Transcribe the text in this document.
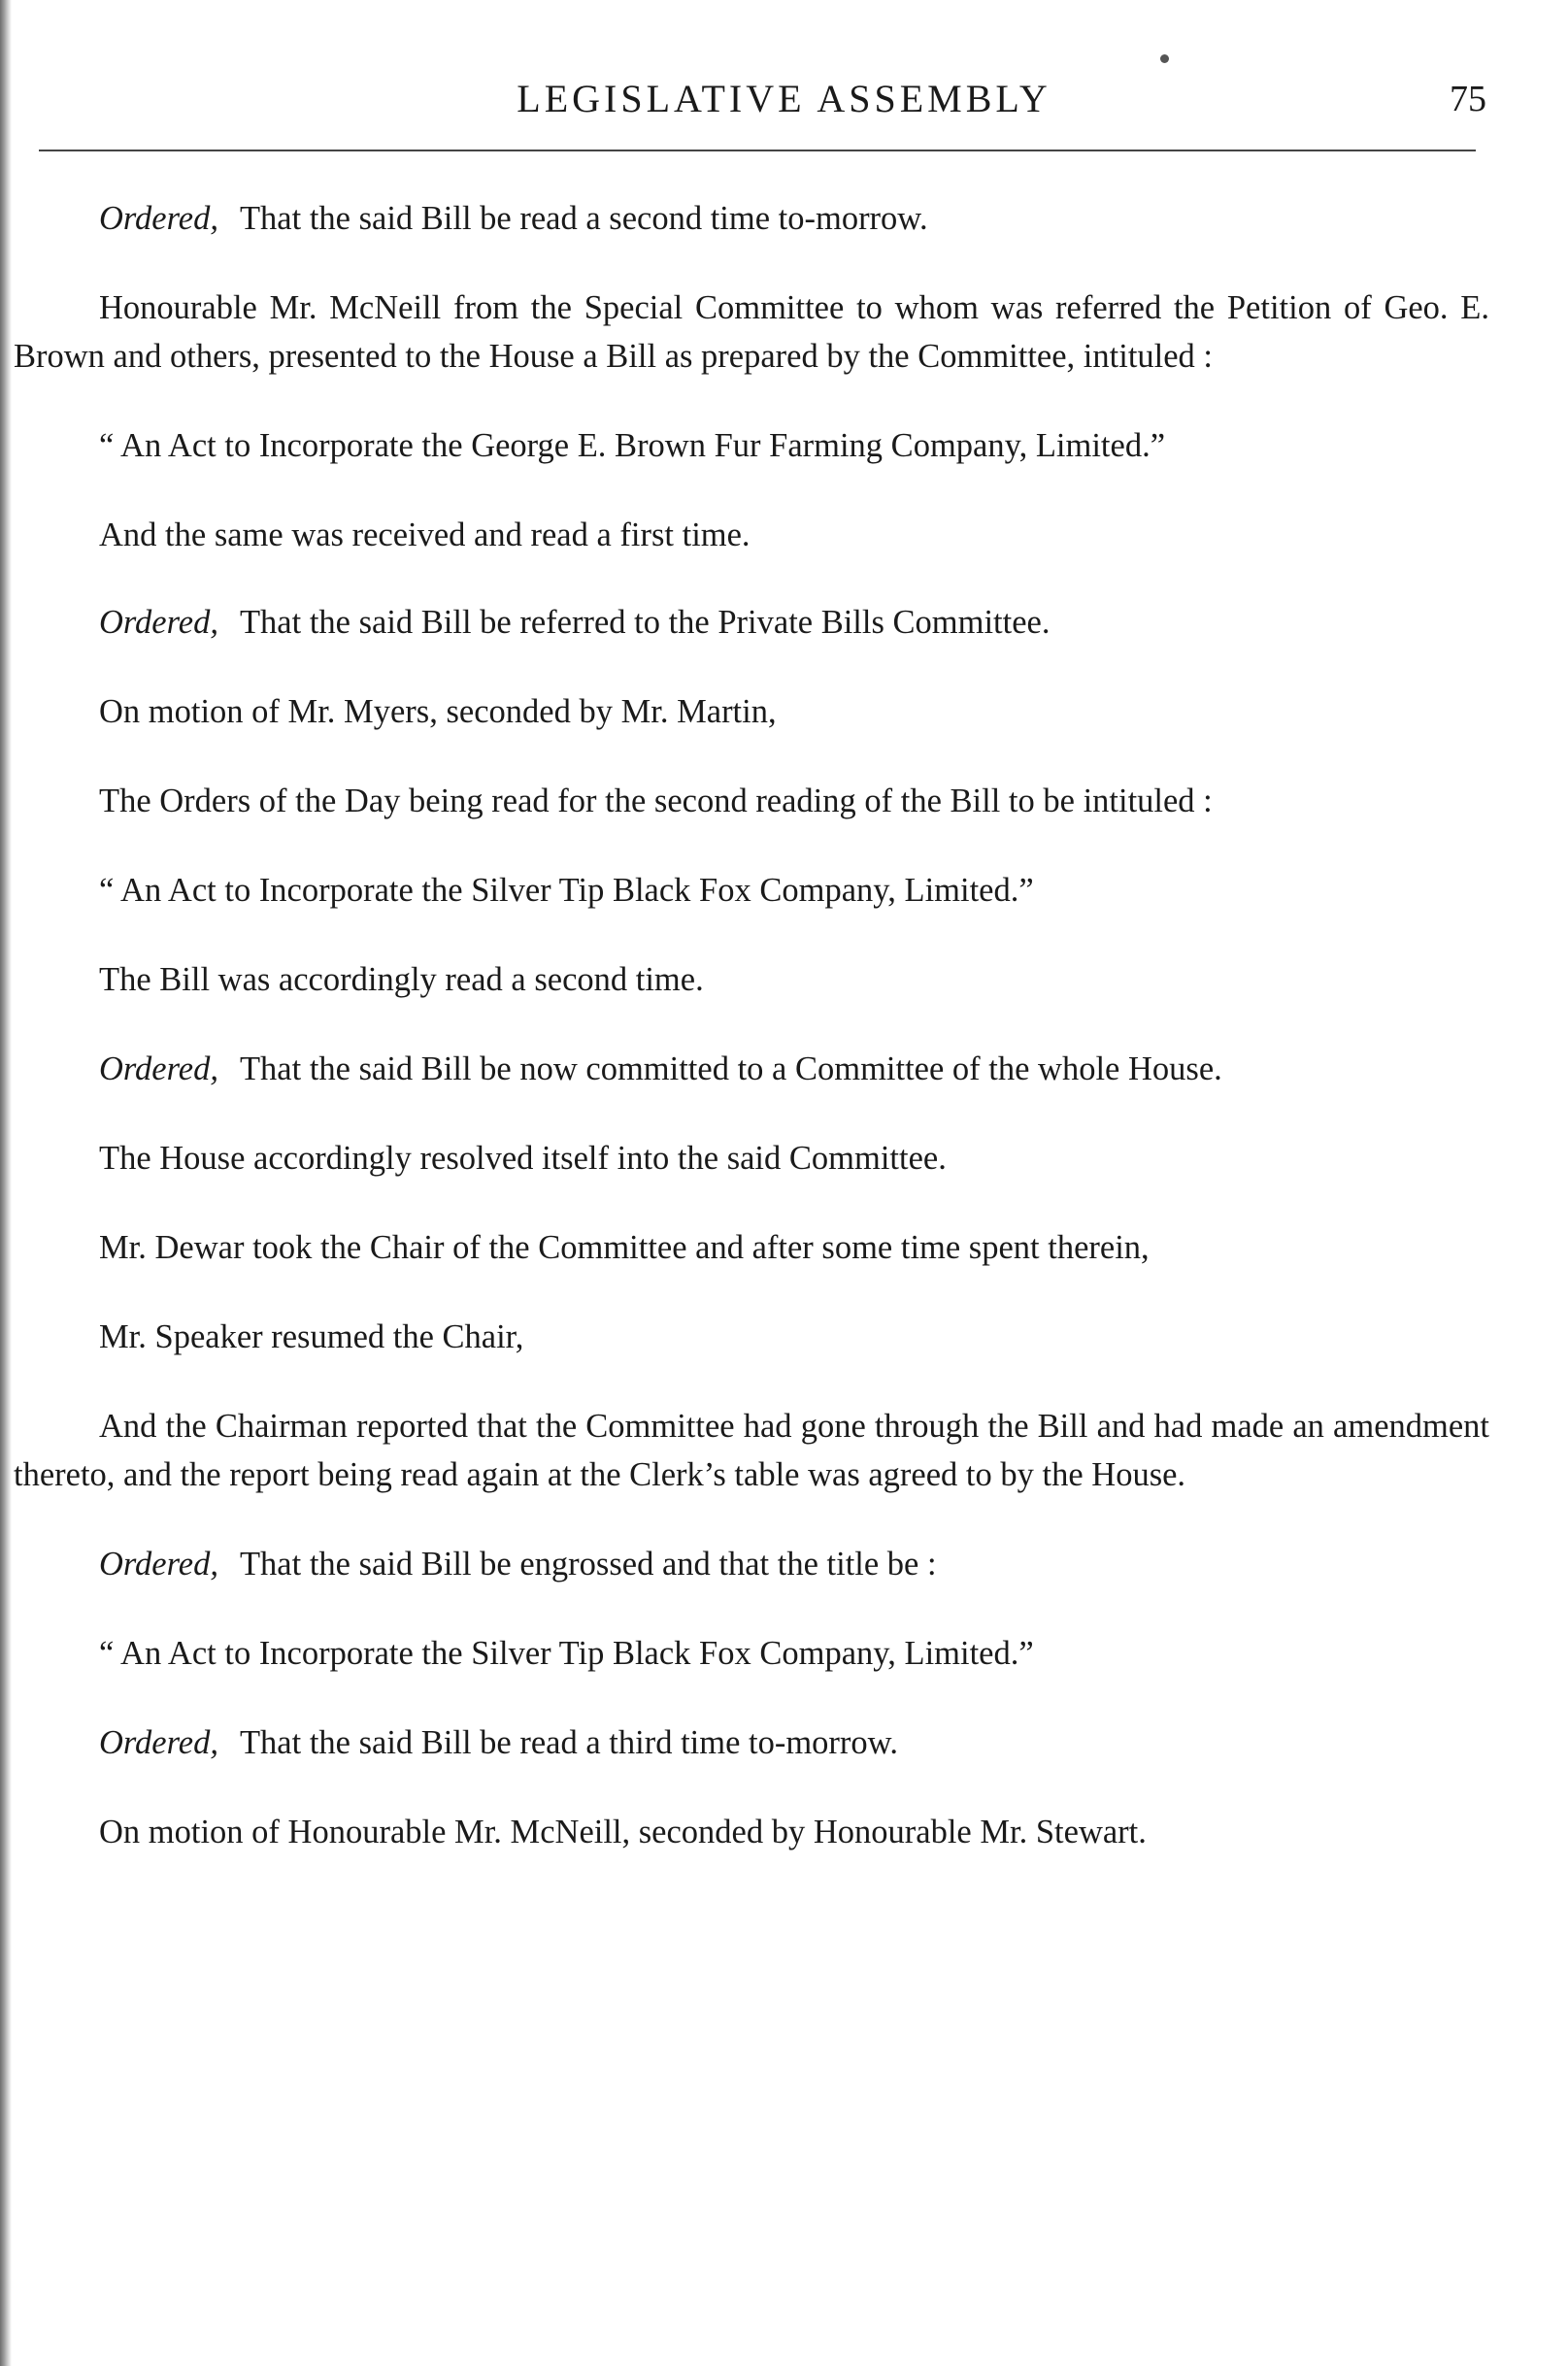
LEGISLATIVE ASSEMBLY	75

Ordered, That the said Bill be read a second time to-morrow.

Honourable Mr. McNeill from the Special Committee to whom was referred the Petition of Geo. E. Brown and others, presented to the House a Bill as prepared by the Committee, intituled :

“ An Act to Incorporate the George E. Brown Fur Farming Company, Limited.”

And the same was received and read a first time.

Ordered, That the said Bill be referred to the Private Bills Committee.

On motion of Mr. Myers, seconded by Mr. Martin,

The Orders of the Day being read for the second reading of the Bill to be intituled :

“ An Act to Incorporate the Silver Tip Black Fox Company, Limited.”

The Bill was accordingly read a second time.

Ordered, That the said Bill be now committed to a Committee of the whole House.

The House accordingly resolved itself into the said Committee.

Mr. Dewar took the Chair of the Committee and after some time spent therein,

Mr. Speaker resumed the Chair,

And the Chairman reported that the Committee had gone through the Bill and had made an amendment thereto, and the report being read again at the Clerk’s table was agreed to by the House.

Ordered, That the said Bill be engrossed and that the title be :

“ An Act to Incorporate the Silver Tip Black Fox Company, Limited.”

Ordered, That the said Bill be read a third time to-morrow.

On motion of Honourable Mr. McNeill, seconded by Honourable Mr. Stewart.
